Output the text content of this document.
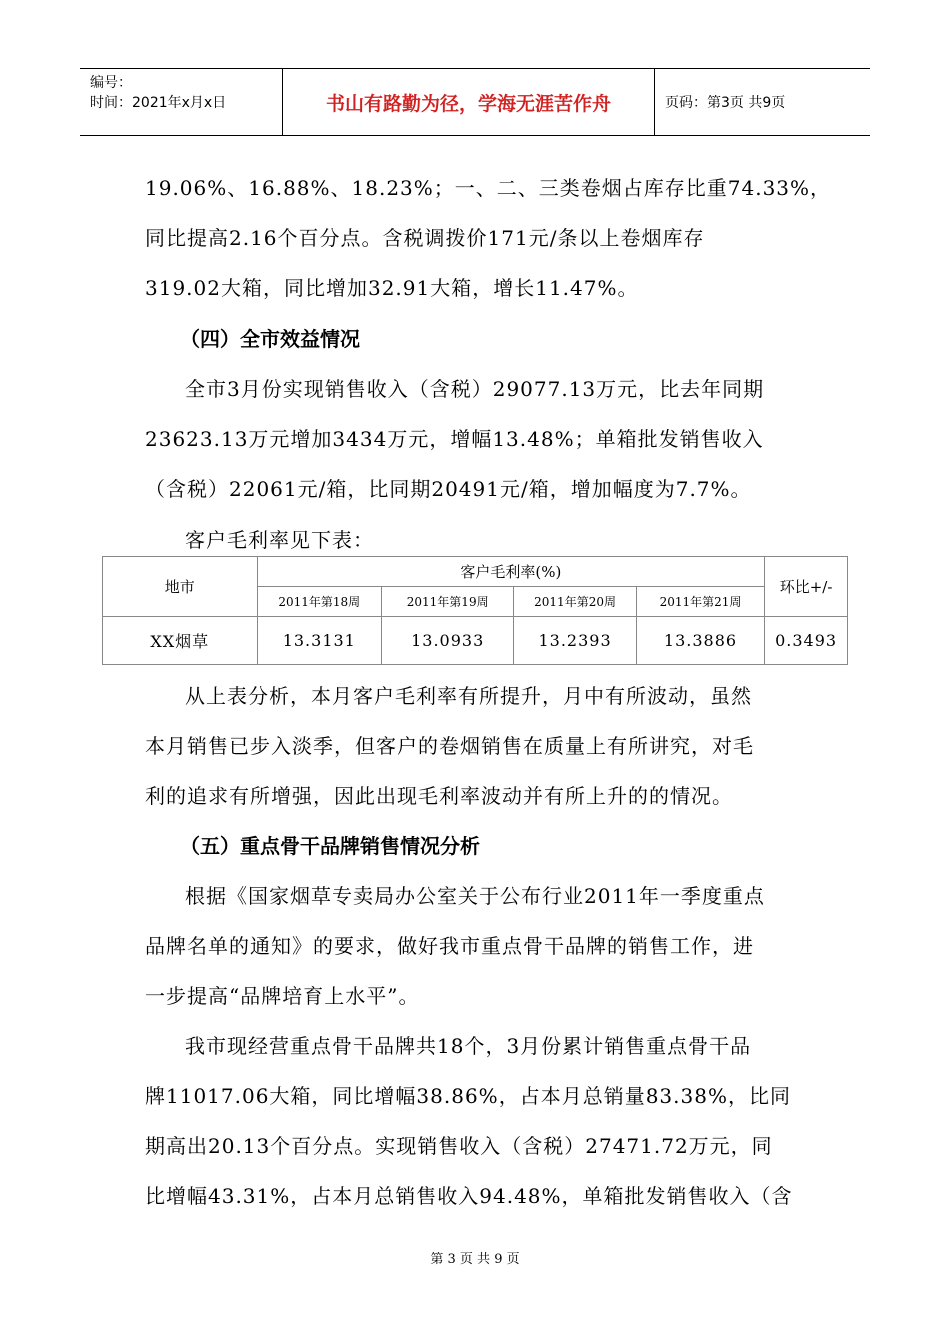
编号：
时间：2021年x月x日	书山有路勤为径，学海无涯苦作舟	页码：第3页 共9页
19.06%、16.88%、18.23%；一、二、三类卷烟占库存比重74.33%，
同比提高2.16个百分点。含税调拨价171元/条以上卷烟库存
319.02大箱，同比增加32.91大箱，增长11.47%。
（四）全市效益情况
全市3月份实现销售收入（含税）29077.13万元，比去年同期
23623.13万元增加3434万元，增幅13.48%；单箱批发销售收入
（含税）22061元/箱，比同期20491元/箱，增加幅度为7.7%。
客户毛利率见下表：
地市	客户毛利率(%)				环比+/-
	2011年第18周	2011年第19周	2011年第20周	2011年第21周	
XX烟草	13.3131	13.0933	13.2393	13.3886	0.3493
从上表分析，本月客户毛利率有所提升，月中有所波动，虽然
本月销售已步入淡季，但客户的卷烟销售在质量上有所讲究，对毛
利的追求有所增强，因此出现毛利率波动并有所上升的的情况。
（五）重点骨干品牌销售情况分析
根据《国家烟草专卖局办公室关于公布行业2011年一季度重点
品牌名单的通知》的要求，做好我市重点骨干品牌的销售工作，进
一步提高“品牌培育上水平”。
我市现经营重点骨干品牌共18个，3月份累计销售重点骨干品
牌11017.06大箱，同比增幅38.86%，占本月总销量83.38%，比同
期高出20.13个百分点。实现销售收入（含税）27471.72万元，同
比增幅43.31%，占本月总销售收入94.48%，单箱批发销售收入（含
第 3 页 共 9 页
